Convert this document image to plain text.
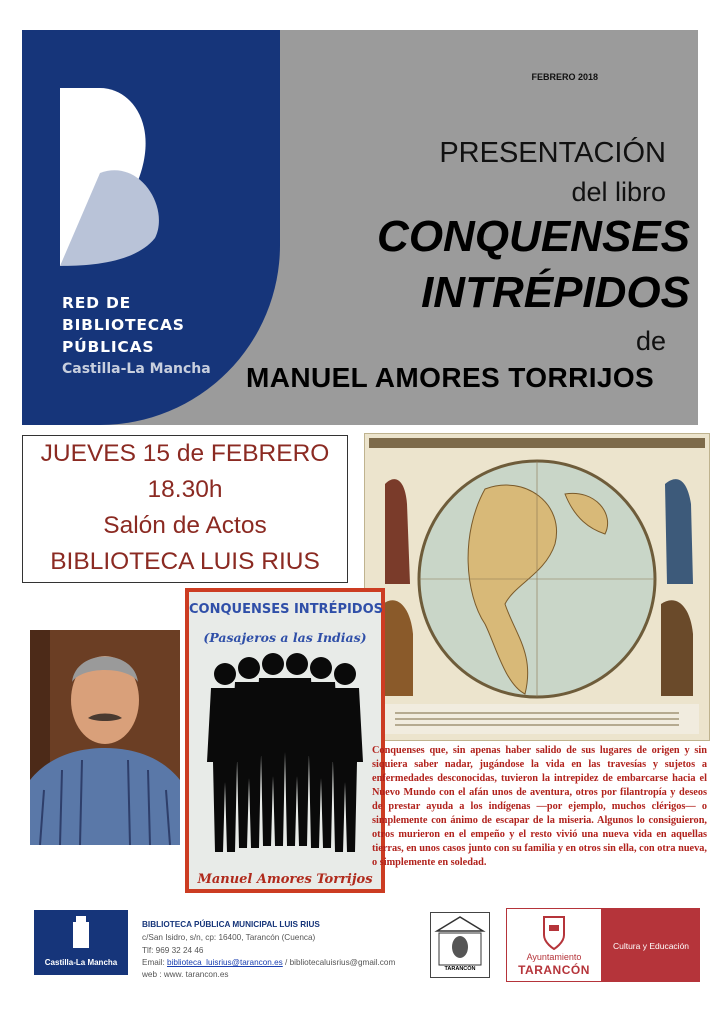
RED DE
BIBLIOTECAS
PÚBLICAS
Castilla-La Mancha
FEBRERO 2018
PRESENTACIÓN
del libro
CONQUENSES
INTRÉPIDOS
de
MANUEL AMORES TORRIJOS
JUEVES 15 de FEBRERO
18.30h
Salón de Actos
BIBLIOTECA LUIS RIUS
CONQUENSES INTRÉPIDOS
(Pasajeros a las Indias)
Manuel Amores Torrijos
Conquenses que, sin apenas haber salido de sus lugares de origen y sin siquiera saber nadar, jugándose la vida en las travesías y sujetos a enfermedades desconocidas, tuvieron la intrepidez de embarcarse hacia el Nuevo Mundo con el afán unos de aventura, otros por filantropía y deseos de prestar ayuda a los indígenas —por ejemplo, muchos clérigos— o simplemente con ánimo de escapar de la miseria. Algunos lo consiguieron, otros murieron en el empeño y el resto vivió una nueva vida en aquellas tierras, en unos casos junto con su familia y en otros sin ella, con otra nueva, o simplemente en soledad.
Castilla-La Mancha
BIBLIOTECA PÚBLICA MUNICIPAL LUIS RIUS
c/San Isidro, s/n, cp: 16400, Tarancón (Cuenca)
Tlf: 969 32 24 46
Email: biblioteca_luisrius@tarancon.es / bibliotecaluisrius@gmail.com
web : www. tarancon.es
TARANCÓN
Ayuntamiento
TARANCÓN
Cultura y Educación
